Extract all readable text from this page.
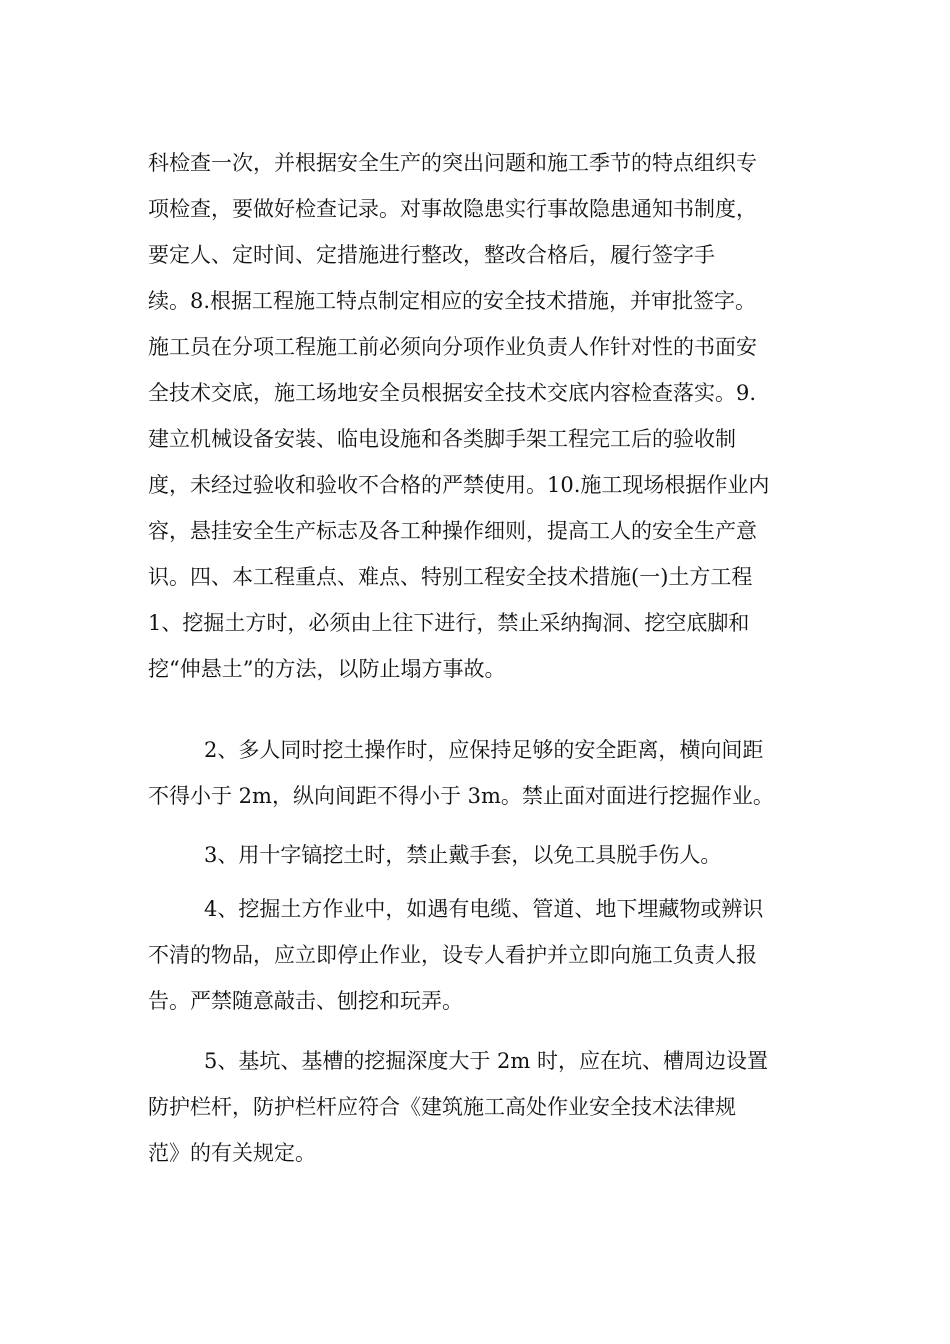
科检查一次，并根据安全生产的突出问题和施工季节的特点组织专
项检查，要做好检查记录。对事故隐患实行事故隐患通知书制度，
要定人、定时间、定措施进行整改，整改合格后，履行签字手
续。8.根据工程施工特点制定相应的安全技术措施，并审批签字。
施工员在分项工程施工前必须向分项作业负责人作针对性的书面安
全技术交底，施工场地安全员根据安全技术交底内容检查落实。9.
建立机械设备安装、临电设施和各类脚手架工程完工后的验收制
度，未经过验收和验收不合格的严禁使用。10.施工现场根据作业内
容，悬挂安全生产标志及各工种操作细则，提高工人的安全生产意
识。四、本工程重点、难点、特别工程安全技术措施(一)土方工程
1、挖掘土方时，必须由上往下进行，禁止采纳掏洞、挖空底脚和
挖“伸悬土”的方法，以防止塌方事故。
2、多人同时挖土操作时，应保持足够的安全距离，横向间距
不得小于 2m，纵向间距不得小于 3m。禁止面对面进行挖掘作业。
3、用十字镐挖土时，禁止戴手套，以免工具脱手伤人。
4、挖掘土方作业中，如遇有电缆、管道、地下埋藏物或辨识
不清的物品，应立即停止作业，设专人看护并立即向施工负责人报
告。严禁随意敲击、刨挖和玩弄。
5、基坑、基槽的挖掘深度大于 2m 时，应在坑、槽周边设置
防护栏杆，防护栏杆应符合《建筑施工高处作业安全技术法律规
范》的有关规定。
